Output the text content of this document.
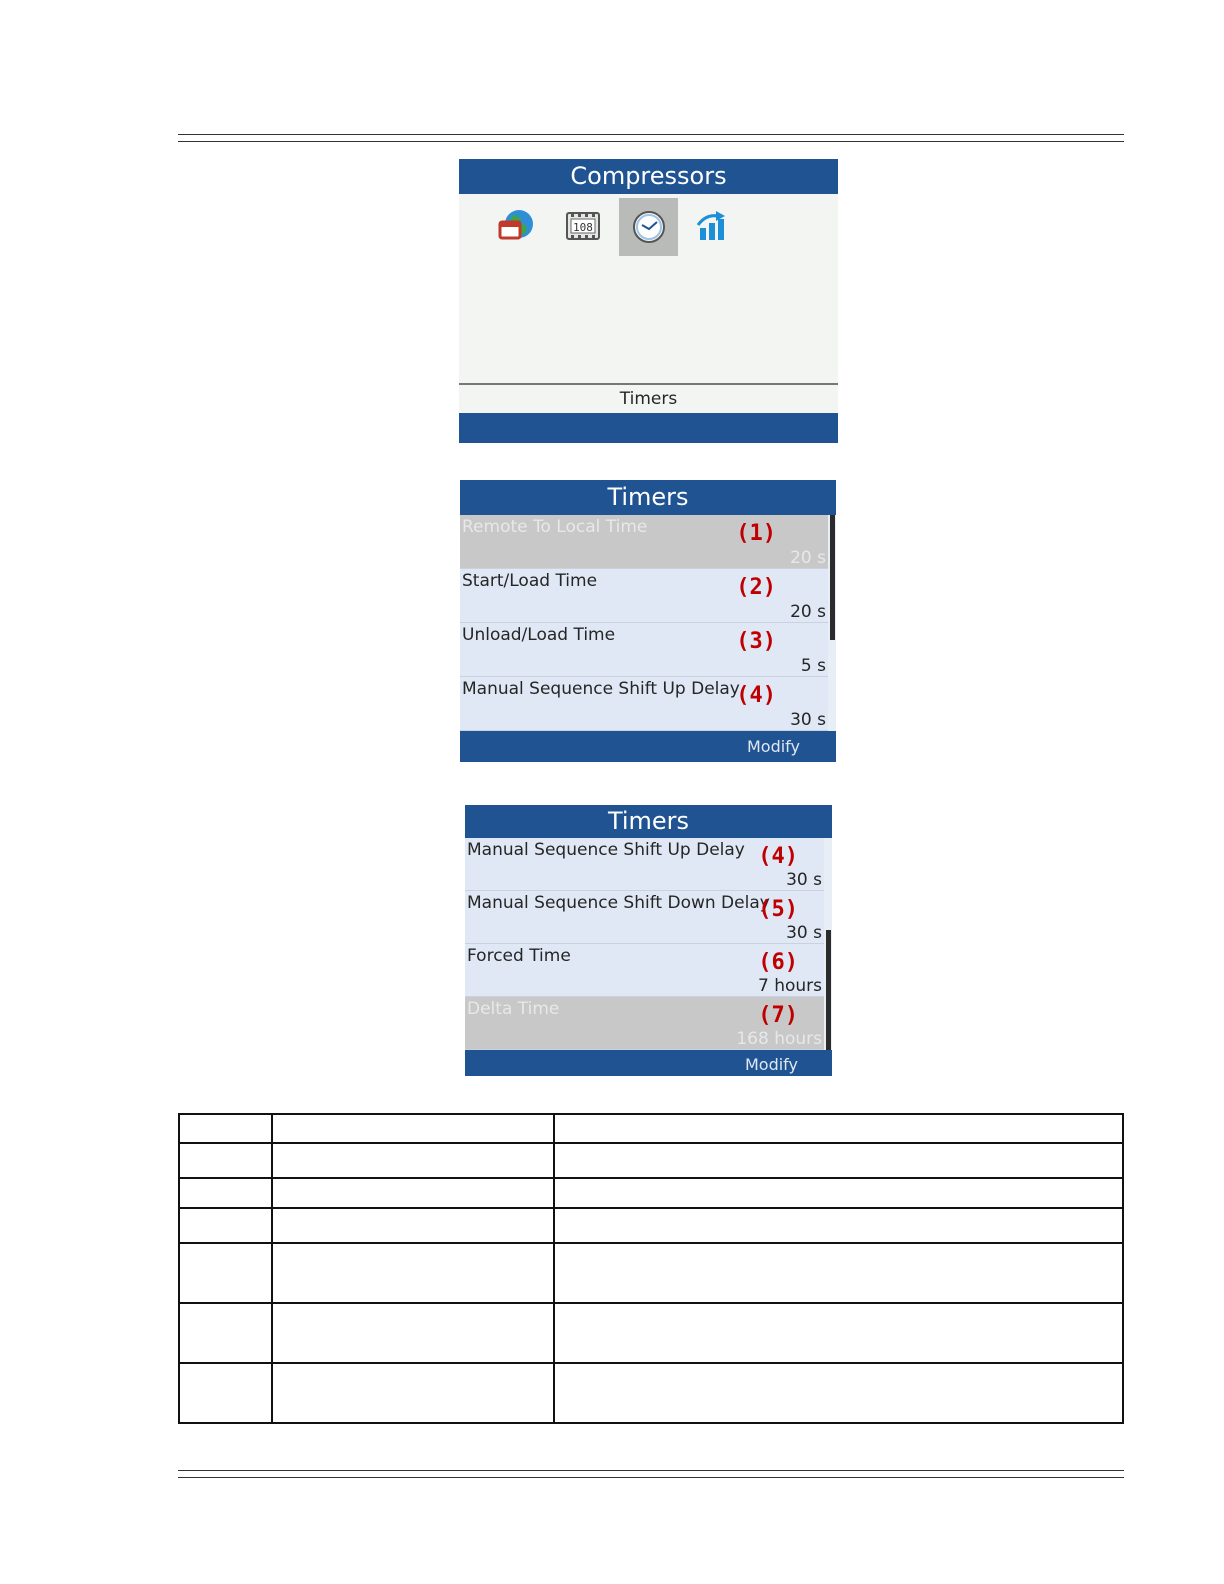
Compressors
108
Timers
Timers
Remote To Local Time	(1)
20 s
Start/Load Time	(2)
20 s
Unload/Load Time	(3)
5 s
Manual Sequence Shift Up Delay
(4)
30 s
Modify
Timers
Manual Sequence Shift Up Delay (4)
30 s
Manual Sequence Shift Down Delay
(5)
30 s
Forced Time	(6)
7 hours
Delta Time	(7)
168 hours
Modify
